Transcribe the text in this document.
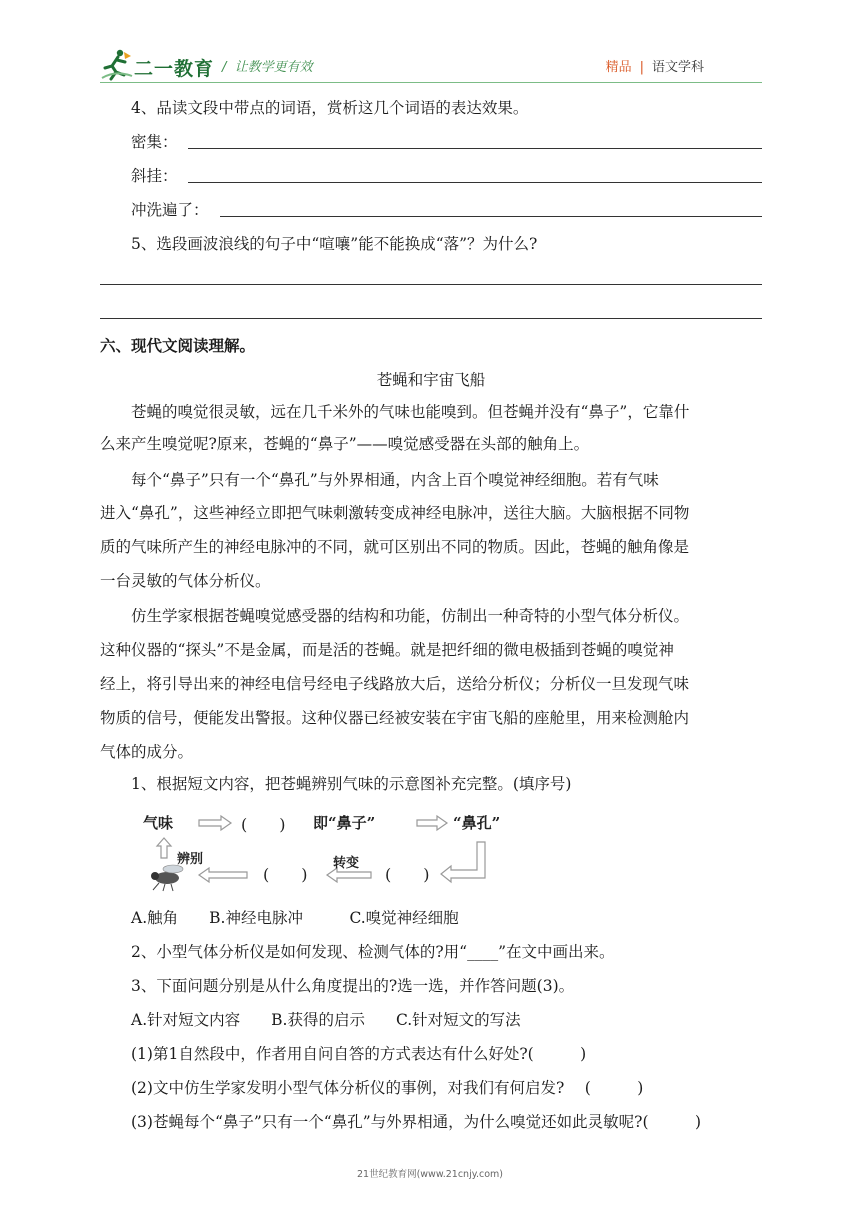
二一教育 /  让教学更有效	精品 | 语文学科
4、品读文段中带点的词语，赏析这几个词语的表达效果。
密集：
斜挂：
冲洗遍了：
5、选段画波浪线的句子中“喧嚷”能不能换成“落”？为什么?
六、现代文阅读理解。
苍蝇和宇宙飞船
苍蝇的嗅觉很灵敏，远在几千米外的气味也能嗅到。但苍蝇并没有“鼻子”，它靠什
么来产生嗅觉呢?原来，苍蝇的“鼻子”——嗅觉感受器在头部的触角上。
每个“鼻子”只有一个“鼻孔”与外界相通，内含上百个嗅觉神经细胞。若有气味
进入“鼻孔”，这些神经立即把气味刺激转变成神经电脉冲，送往大脑。大脑根据不同物
质的气味所产生的神经电脉冲的不同，就可区别出不同的物质。因此，苍蝇的触角像是
一台灵敏的气体分析仪。
仿生学家根据苍蝇嗅觉感受器的结构和功能，仿制出一种奇特的小型气体分析仪。
这种仪器的“探头”不是金属，而是活的苍蝇。就是把纤细的微电极插到苍蝇的嗅觉神
经上，将引导出来的神经电信号经电子线路放大后，送给分析仪；分析仪一旦发现气味
物质的信号，便能发出警报。这种仪器已经被安装在宇宙飞船的座舱里，用来检测舱内
气体的成分。
1、根据短文内容，把苍蝇辨别气味的示意图补充完整。(填序号)
气味	(　　) 即“鼻子”	“鼻孔”
辨别
(　　)
转变
(　　)
A.触角　　B.神经电脉冲　　　C.嗅觉神经细胞
2、小型气体分析仪是如何发现、检测气体的?用“____”在文中画出来。
3、下面问题分别是从什么角度提出的?选一选，并作答问题(3)。
A.针对短文内容　　B.获得的启示　　C.针对短文的写法
(1)第1自然段中，作者用自问自答的方式表达有什么好处?(　　　)
(2)文中仿生学家发明小型气体分析仪的事例，对我们有何启发? 　(　　　)
(3)苍蝇每个“鼻子”只有一个“鼻孔”与外界相通，为什么嗅觉还如此灵敏呢?(　　　)
21世纪教育网(www.21cnjy.com)
